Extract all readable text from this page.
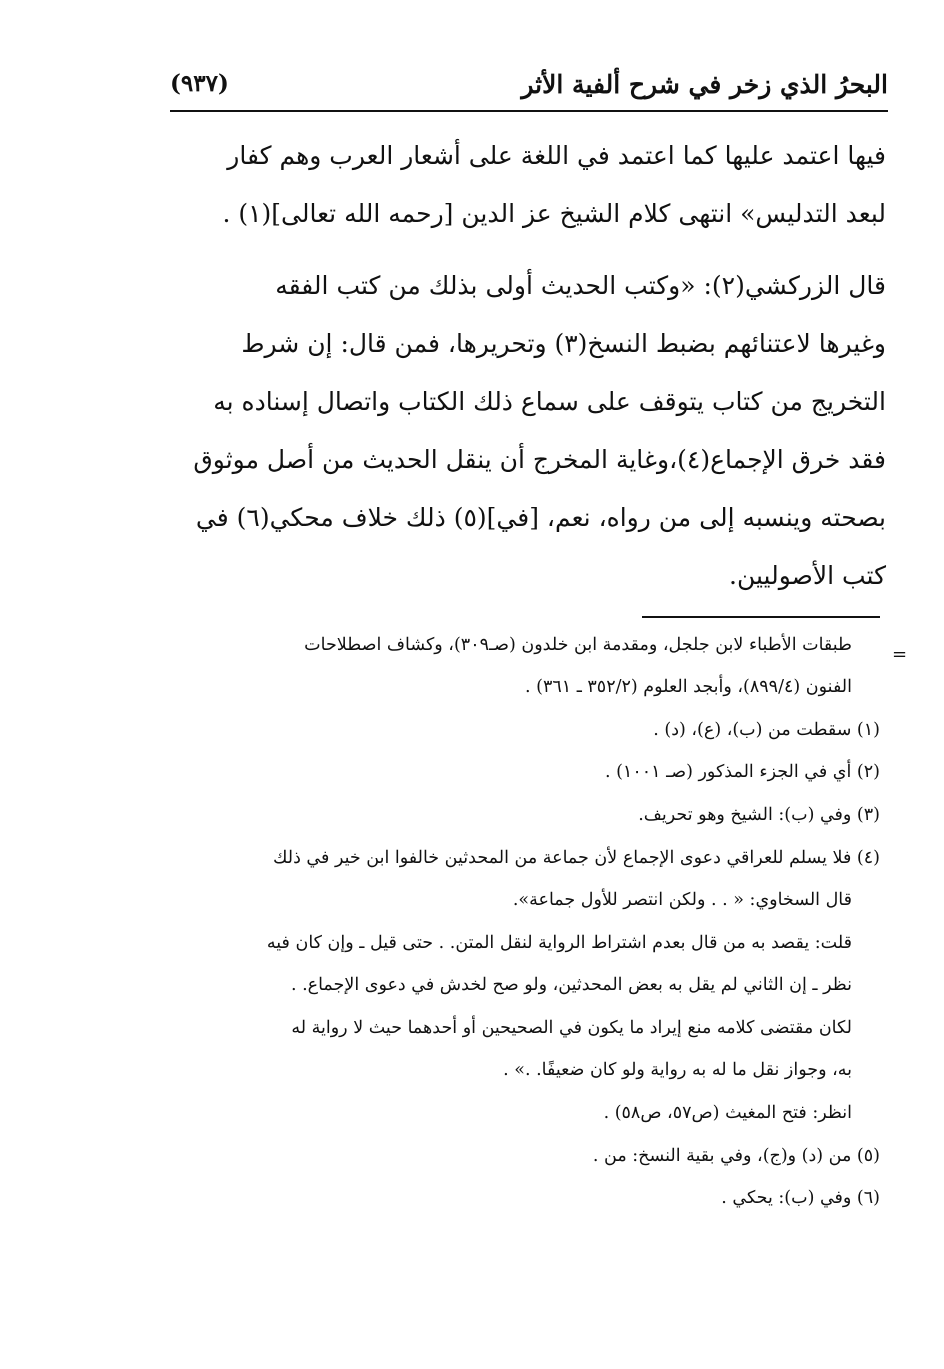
البحرُ الذي زخر في شرح ألفية الأثر
(٩٣٧)
فيها اعتمد عليها كما اعتمد في اللغة على أشعار العرب وهم كفار
لبعد التدليس» انتهى كلام الشيخ عز الدين [رحمه الله تعالى](١) .
قال الزركشي(٢): «وكتب الحديث أولى بذلك من كتب الفقه
وغيرها لاعتنائهم بضبط النسخ(٣) وتحريرها، فمن قال: إن شرط
التخريج من كتاب يتوقف على سماع ذلك الكتاب واتصال إسناده به
فقد خرق الإجماع(٤)،وغاية المخرج أن ينقل الحديث من أصل موثوق
بصحته وينسبه إلى من رواه، نعم، [في](٥) ذلك خلاف محكي(٦) في
كتب الأصوليين.
=
طبقات الأطباء لابن جلجل، ومقدمة ابن خلدون (صـ٣٠٩)، وكشاف اصطلاحات
الفنون (٨٩٩/٤)، وأبجد العلوم (٣٥٢/٢ ـ ٣٦١) .
(١) سقطت من (ب)، (ع)، (د) .
(٢) أي في الجزء المذكور (صـ ١٠٠١) .
(٣) وفي (ب): الشيخ وهو تحريف.
(٤) فلا يسلم للعراقي دعوى الإجماع لأن جماعة من المحدثين خالفوا ابن خير في ذلك
قال السخاوي: « . . ولكن انتصر للأول جماعة».
قلت: يقصد به من قال بعدم اشتراط الرواية لنقل المتن. . حتى قيل ـ وإن كان فيه
نظر ـ إن الثاني لم يقل به بعض المحدثين، ولو صح لخدش في دعوى الإجماع. .
لكان مقتضى كلامه منع إيراد ما يكون في الصحيحين أو أحدهما حيث لا رواية له
به، وجواز نقل ما له به رواية ولو كان ضعيفًا. .» .
انظر: فتح المغيث (ص٥٧، ص٥٨) .
(٥) من (د) و(ج)، وفي بقية النسخ: من .
(٦) وفي (ب): يحكي .
